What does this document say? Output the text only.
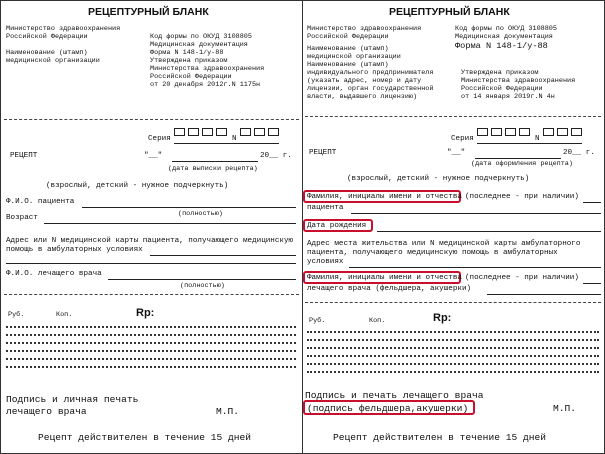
РЕЦЕПТУРНЫЙ БЛАНК
Министерство здравоохранения
Российской Федерации
Наименование (штамп)
медицинской организации
Код формы по ОКУД 3108805
Медицинская документация
Форма N 148-1/у-88
Утверждена приказом
Министерства здравоохранения
Российской Федерации
от 20 декабря 2012г.N 1175н
Серия	N
РЕЦЕПТ	"__"	20__ г.
(дата выписки рецепта)
(взрослый, детский - нужное подчеркнуть)
Ф.И.О. пациента
(полностью)
Возраст
Адрес или N медицинской карты пациента, получающего медицинскую
помощь в амбулаторных условиях
Ф.И.О. лечащего врача
(полностью)
Руб.	Коп.	Rp:
Подпись и личная печать
лечащего врача	М.П.
Рецепт действителен в течение 15 дней
РЕЦЕПТУРНЫЙ БЛАНК
Министерство здравоохранения
Российской Федерации
Код формы по ОКУД 3108805
Медицинская документация
Форма N 148-1/у-88
Наименование (штамп)
медицинской организации
Наименование (штамп)
индивидуального предпринимателя
(указать адрес, номер и дату
лицензии, орган государственной
власти, выдавшего лицензию)
Утверждена приказом
Министерства здравоохранения
Российской Федерации
от 14 января 2019г.N 4н
Серия	N
РЕЦЕПТ	"__"	20__ г.
(дата оформления рецепта)
(взрослый, детский - нужное подчеркнуть)
Фамилия, инициалы имени и отчества (последнее - при наличии)
пациента
Дата рождения
Адрес места жительства или N медицинской карты амбулаторного
пациента, получающего медицинскую помощь в амбулаторных
условиях
Фамилия, инициалы имени и отчества (последнее - при наличии)
лечащего врача (фельдшера, акушерки)
Руб.	Коп.	Rp:
Подпись и печать лечащего врача
(подпись фельдшера,акушерки)	М.П.
Рецепт действителен в течение 15 дней
